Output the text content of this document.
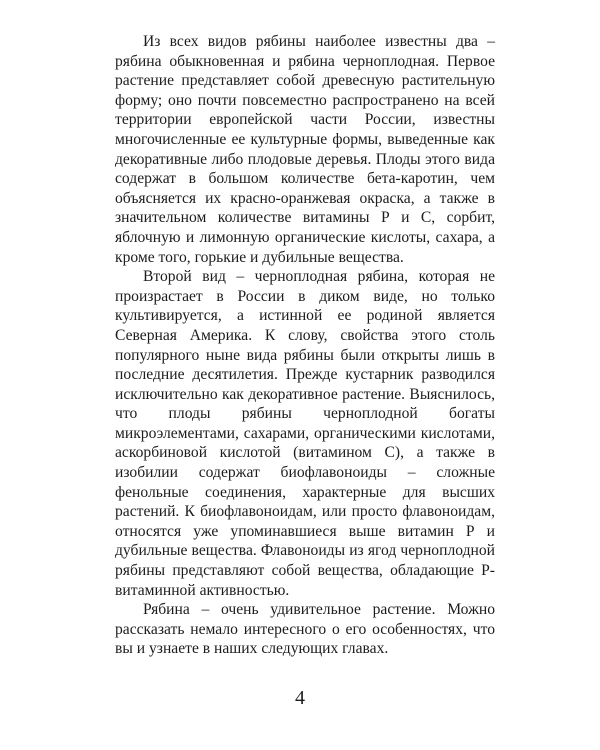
Из всех видов рябины наиболее известны два – рябина обыкновенная и рябина черноплодная. Первое растение представляет собой древесную растительную форму; оно почти повсеместно распространено на всей территории европейской части России, известны многочисленные ее культурные формы, выведенные как декоративные либо плодовые деревья. Плоды этого вида содержат в большом количестве бета-каротин, чем объясняется их красно-оранжевая окраска, а также в значительном количестве витамины Р и С, сорбит, яблочную и лимонную органические кислоты, сахара, а кроме того, горькие и дубильные вещества.

Второй вид – черноплодная рябина, которая не произрастает в России в диком виде, но только культивируется, а истинной ее родиной является Северная Америка. К слову, свойства этого столь популярного ныне вида рябины были открыты лишь в последние десятилетия. Прежде кустарник разводился исключительно как декоративное растение. Выяснилось, что плоды рябины черноплодной богаты микроэлементами, сахарами, органическими кислотами, аскорбиновой кислотой (витамином С), а также в изобилии содержат биофлавоноиды – сложные фенольные соединения, характерные для высших растений. К биофлавоноидам, или просто флавоноидам, относятся уже упоминавшиеся выше витамин Р и дубильные вещества. Флавоноиды из ягод черноплодной рябины представляют собой вещества, обладающие Р-витаминной активностью.

Рябина – очень удивительное растение. Можно рассказать немало интересного о его особенностях, что вы и узнаете в наших следующих главах.

4
